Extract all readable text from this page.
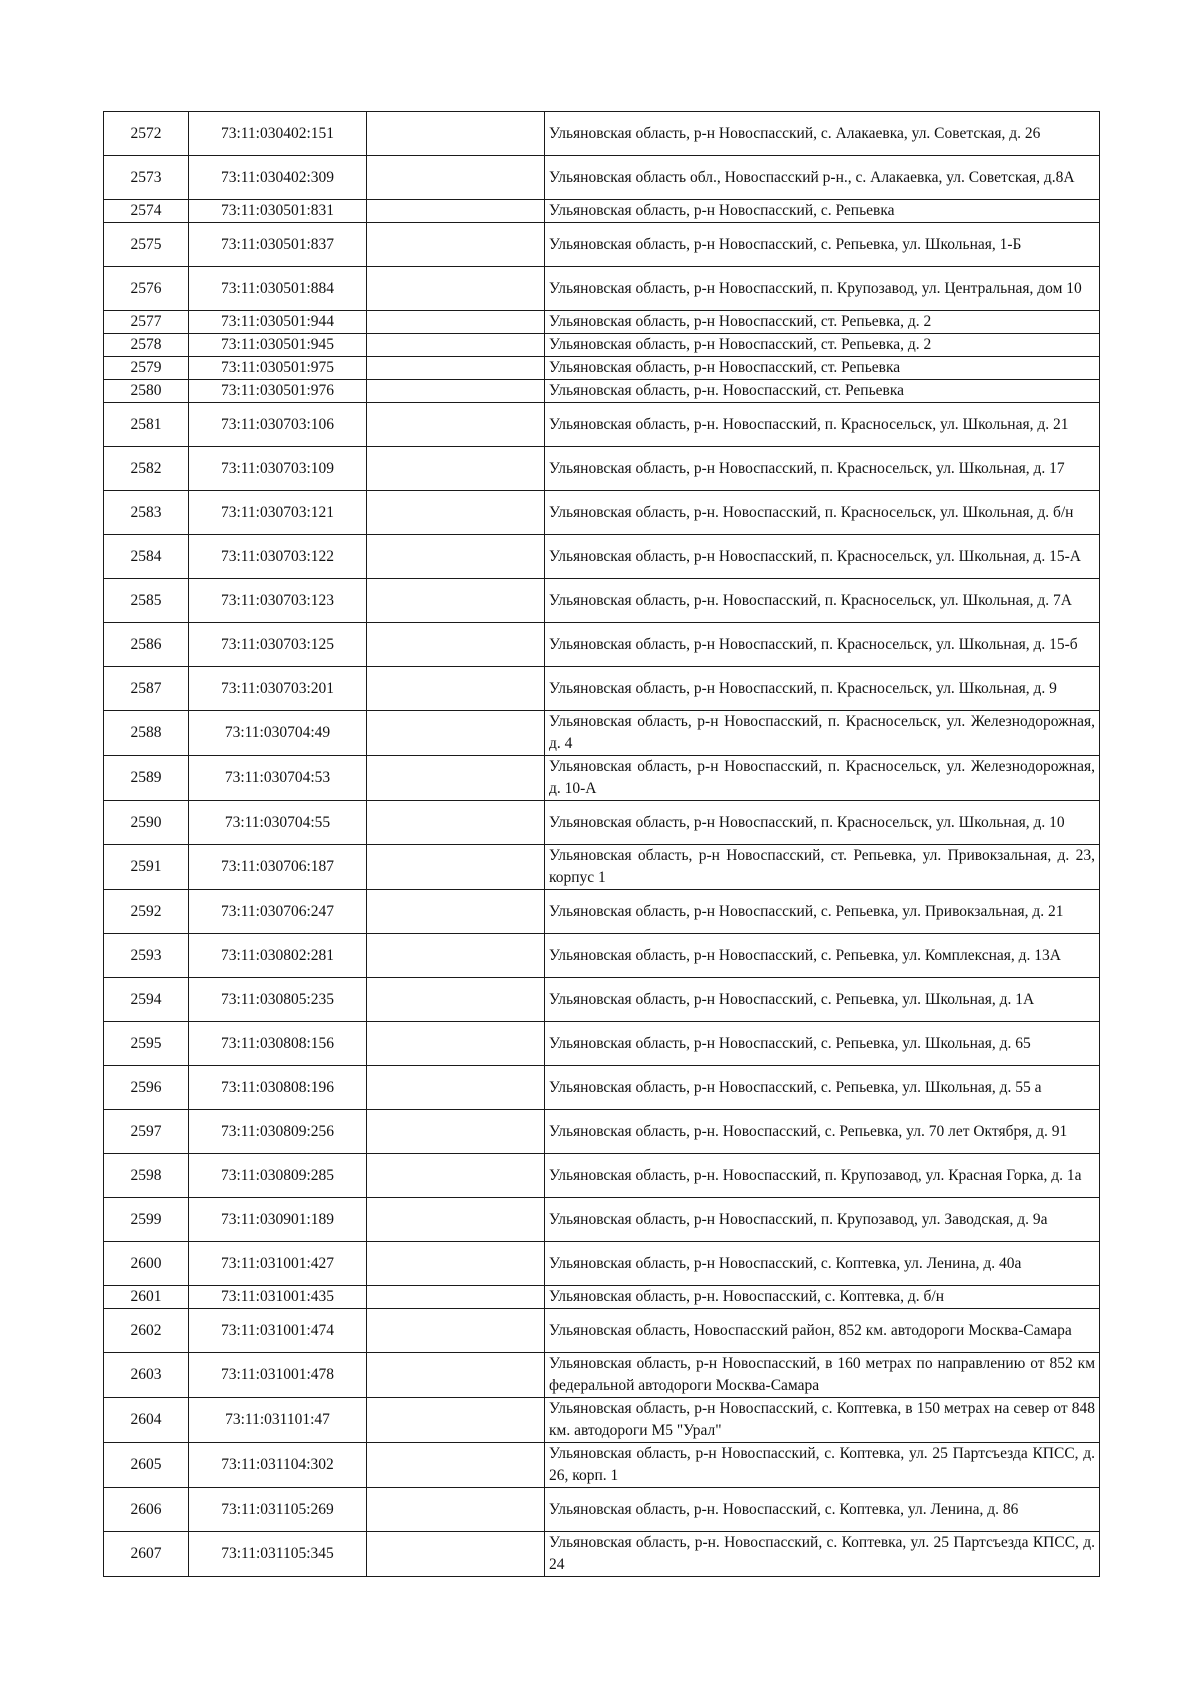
2572	73:11:030402:151		Ульяновская область, р-н Новоспасский, с. Алакаевка, ул. Советская, д. 26
2573	73:11:030402:309		Ульяновская область обл., Новоспасский р-н., с. Алакаевка, ул. Советская, д.8А
2574	73:11:030501:831		Ульяновская область, р-н Новоспасский, с. Репьевка
2575	73:11:030501:837		Ульяновская область, р-н Новоспасский, с. Репьевка, ул. Школьная, 1-Б
2576	73:11:030501:884		Ульяновская область, р-н Новоспасский, п. Крупозавод, ул. Центральная, дом 10
2577	73:11:030501:944		Ульяновская область, р-н Новоспасский, ст. Репьевка, д. 2
2578	73:11:030501:945		Ульяновская область, р-н Новоспасский, ст. Репьевка, д. 2
2579	73:11:030501:975		Ульяновская область, р-н Новоспасский, ст. Репьевка
2580	73:11:030501:976		Ульяновская область, р-н. Новоспасский, ст. Репьевка
2581	73:11:030703:106		Ульяновская область, р-н. Новоспасский, п. Красносельск, ул. Школьная, д. 21
2582	73:11:030703:109		Ульяновская область, р-н Новоспасский, п. Красносельск, ул. Школьная, д. 17
2583	73:11:030703:121		Ульяновская область, р-н. Новоспасский, п. Красносельск, ул. Школьная, д. б/н
2584	73:11:030703:122		Ульяновская область, р-н Новоспасский, п. Красносельск, ул. Школьная, д. 15-А
2585	73:11:030703:123		Ульяновская область, р-н. Новоспасский, п. Красносельск, ул. Школьная, д. 7А
2586	73:11:030703:125		Ульяновская область, р-н Новоспасский, п. Красносельск, ул. Школьная, д. 15-б
2587	73:11:030703:201		Ульяновская область, р-н Новоспасский, п. Красносельск, ул. Школьная, д. 9
2588	73:11:030704:49		Ульяновская область, р-н Новоспасский, п. Красносельск, ул. Железнодорожная, д. 4
2589	73:11:030704:53		Ульяновская область, р-н Новоспасский, п. Красносельск, ул. Железнодорожная, д. 10-А
2590	73:11:030704:55		Ульяновская область, р-н Новоспасский, п. Красносельск, ул. Школьная, д. 10
2591	73:11:030706:187		Ульяновская область, р-н Новоспасский, ст. Репьевка, ул. Привокзальная, д. 23, корпус 1
2592	73:11:030706:247		Ульяновская область, р-н Новоспасский, с. Репьевка, ул. Привокзальная, д. 21
2593	73:11:030802:281		Ульяновская область, р-н Новоспасский, с. Репьевка, ул. Комплексная, д. 13А
2594	73:11:030805:235		Ульяновская область, р-н Новоспасский, с. Репьевка, ул. Школьная, д. 1А
2595	73:11:030808:156		Ульяновская область, р-н Новоспасский, с. Репьевка, ул. Школьная, д. 65
2596	73:11:030808:196		Ульяновская область, р-н Новоспасский, с. Репьевка, ул. Школьная, д. 55 а
2597	73:11:030809:256		Ульяновская область, р-н. Новоспасский, с. Репьевка, ул. 70 лет Октября, д. 91
2598	73:11:030809:285		Ульяновская область, р-н. Новоспасский, п. Крупозавод, ул. Красная Горка, д. 1а
2599	73:11:030901:189		Ульяновская область, р-н Новоспасский, п. Крупозавод, ул. Заводская, д. 9а
2600	73:11:031001:427		Ульяновская область, р-н Новоспасский, с. Коптевка, ул. Ленина, д. 40а
2601	73:11:031001:435		Ульяновская область, р-н. Новоспасский, с. Коптевка, д. б/н
2602	73:11:031001:474		Ульяновская область, Новоспасский район, 852 км. автодороги Москва-Самара
2603	73:11:031001:478		Ульяновская область, р-н Новоспасский, в 160 метрах по направлению от 852 км федеральной автодороги Москва-Самара
2604	73:11:031101:47		Ульяновская область, р-н Новоспасский, с. Коптевка, в 150 метрах на север от 848 км. автодороги М5 "Урал"
2605	73:11:031104:302		Ульяновская область, р-н Новоспасский, с. Коптевка, ул. 25 Партсъезда КПСС, д. 26, корп. 1
2606	73:11:031105:269		Ульяновская область, р-н. Новоспасский, с. Коптевка, ул. Ленина, д. 86
2607	73:11:031105:345		Ульяновская область, р-н. Новоспасский, с. Коптевка, ул. 25 Партсъезда КПСС, д. 24
